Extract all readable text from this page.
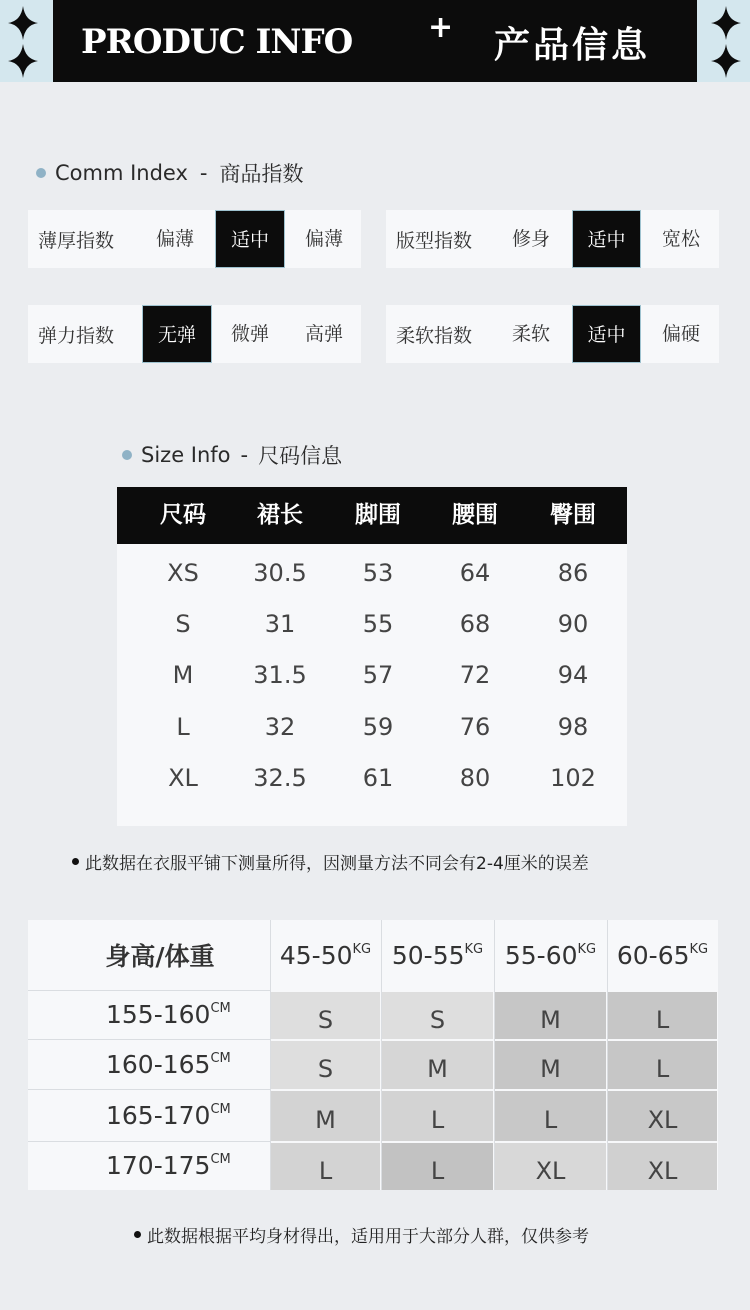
PRODUC INFO	+ 产品信息
Comm Index - 商品指数
薄厚指数	偏薄	适中	偏薄	版型指数	修身	适中	宽松
弹力指数	无弹	微弹	高弹	柔软指数	柔软	适中	偏硬
Size Info - 尺码信息
尺码	裙长	脚围	腰围	臀围
XS	30.5	53	64	86
S	31	55	68	90
M	31.5	57	72	94
L	32	59	76	98
XL	32.5	61	80	102
此数据在衣服平铺下测量所得，因测量方法不同会有2-4厘米的误差
身高/体重	45-50 KG 50-55 KG 55-60 KG 60-65 KG
155-160 CM	S	S	M	L
160-165 CM	S	M	M	L
165-170 CM	M	L	L	XL
170-175 CM	L	L	XL	XL
此数据根据平均身材得出，适用用于大部分人群，仅供参考
